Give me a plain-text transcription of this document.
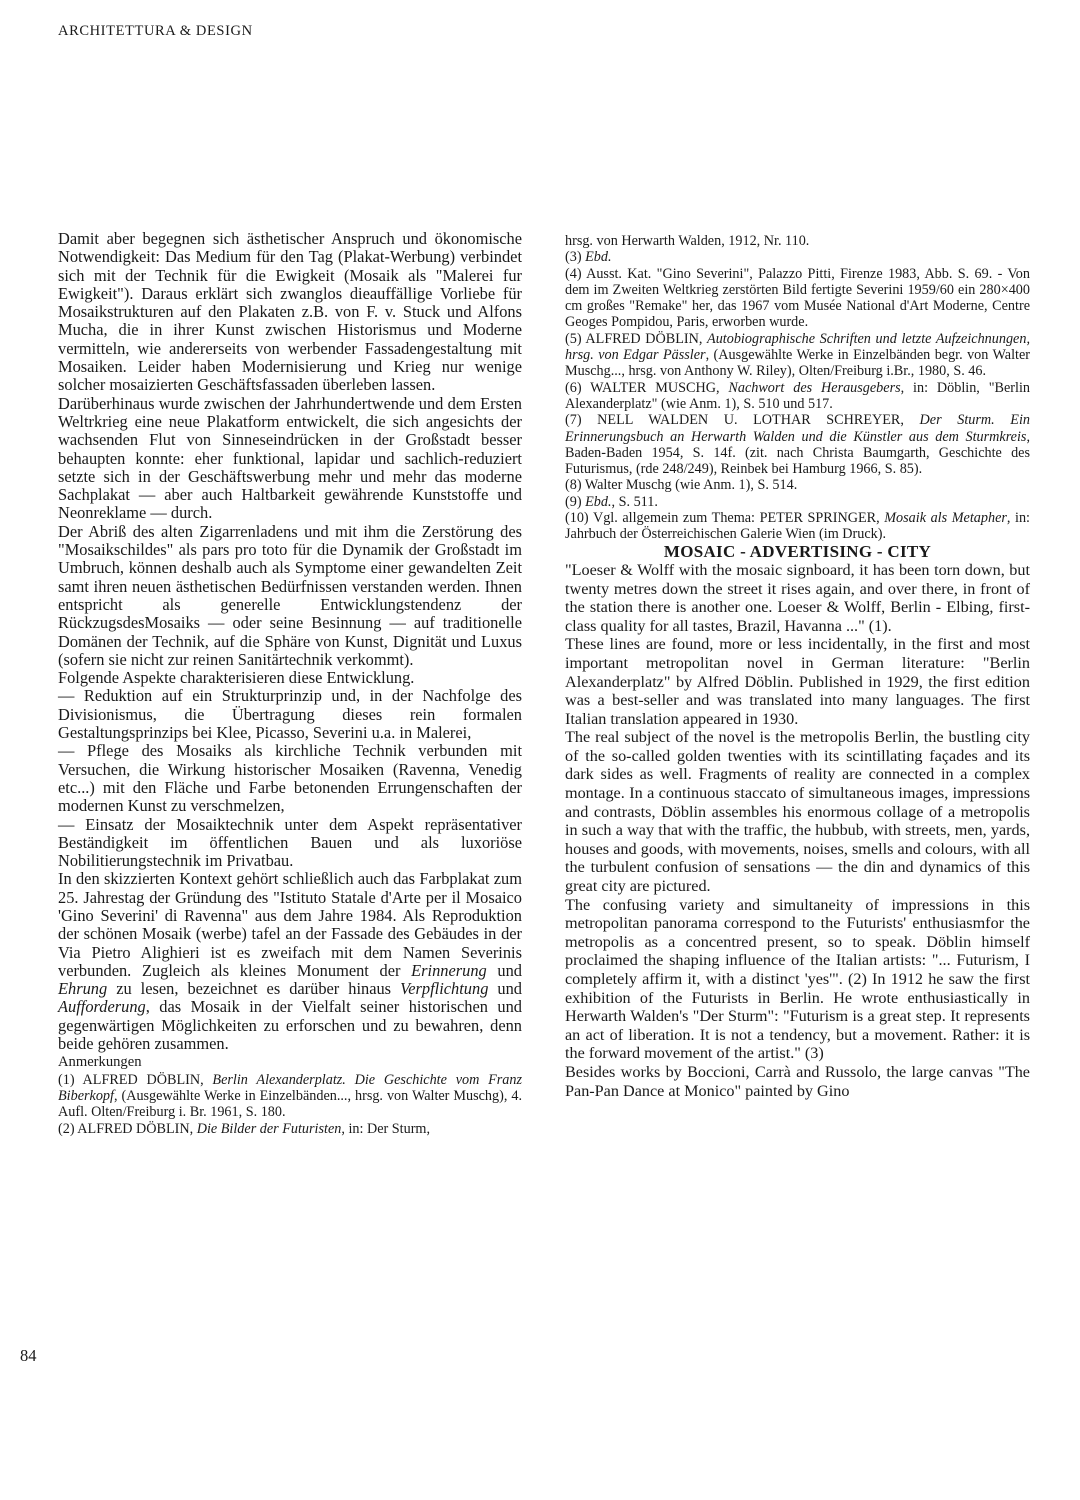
ARCHITETTURA & DESIGN

Damit aber begegnen sich ästhetischer Anspruch und ökonomische Notwendigkeit: Das Medium für den Tag (Plakat-Werbung) verbindet sich mit der Technik für die Ewigkeit (Mosaik als "Malerei fur Ewigkeit"). Daraus erklärt sich zwanglos dieauffällige Vorliebe für Mosaikstrukturen auf den Plakaten z.B. von F. v. Stuck und Alfons Mucha, die in ihrer Kunst zwischen Historismus und Moderne vermitteln, wie andererseits von werbender Fassadengestaltung mit Mosaiken. Leider haben Modernisierung und Krieg nur wenige solcher mosaizierten Geschäftsfassaden überleben lassen.

Darüberhinaus wurde zwischen der Jahrhundertwende und dem Ersten Weltrkrieg eine neue Plakatform entwickelt, die sich angesichts der wachsenden Flut von Sinneseindrücken in der Großstadt besser behaupten konnte: eher funktional, lapidar und sachlich-reduziert setzte sich in der Geschäftswerbung mehr und mehr das moderne Sachplakat — aber auch Haltbarkeit gewährende Kunststoffe und Neonreklame — durch.

Der Abriß des alten Zigarrenladens und mit ihm die Zerstörung des "Mosaikschildes" als pars pro toto für die Dynamik der Großstadt im Umbruch, können deshalb auch als Symptome einer gewandelten Zeit samt ihren neuen ästhetischen Bedürfnissen verstanden werden. Ihnen entspricht als generelle Entwicklungstendenz der RückzugsdesMosaiks — oder seine Besinnung — auf traditionelle Domänen der Technik, auf die Sphäre von Kunst, Dignität und Luxus (sofern sie nicht zur reinen Sanitärtechnik verkommt).

Folgende Aspekte charakterisieren diese Entwicklung.

— Reduktion auf ein Strukturprinzip und, in der Nachfolge des Divisionismus, die Übertragung dieses rein formalen Gestaltungsprinzips bei Klee, Picasso, Severini u.a. in Malerei,

— Pflege des Mosaiks als kirchliche Technik verbunden mit Versuchen, die Wirkung historischer Mosaiken (Ravenna, Venedig etc...) mit den Fläche und Farbe betonenden Errungenschaften der modernen Kunst zu verschmelzen,

— Einsatz der Mosaiktechnik unter dem Aspekt repräsentativer Beständigkeit im öffentlichen Bauen und als luxoriöse Nobilitierungstechnik im Privatbau.

In den skizzierten Kontext gehört schließlich auch das Farbplakat zum 25. Jahrestag der Gründung des "Istituto Statale d'Arte per il Mosaico 'Gino Severini' di Ravenna" aus dem Jahre 1984. Als Reproduktion der schönen Mosaik (werbe) tafel an der Fassade des Gebäudes in der Via Pietro Alighieri ist es zweifach mit dem Namen Severinis verbunden. Zugleich als kleines Monument der Erinnerung und Ehrung zu lesen, bezeichnet es darüber hinaus Verpflichtung und Aufforderung, das Mosaik in der Vielfalt seiner historischen und gegenwärtigen Möglichkeiten zu erforschen und zu bewahren, denn beide gehören zusammen.

Anmerkungen

(1) ALFRED DÖBLIN, Berlin Alexanderplatz. Die Geschichte vom Franz Biberkopf, (Ausgewählte Werke in Einzelbänden..., hrsg. von Walter Muschg), 4. Aufl. Olten/Freiburg i. Br. 1961, S. 180.

(2) ALFRED DÖBLIN, Die Bilder der Futuristen, in: Der Sturm,

hrsg. von Herwarth Walden, 1912, Nr. 110.

(3) Ebd.

(4) Ausst. Kat. "Gino Severini", Palazzo Pitti, Firenze 1983, Abb. S. 69. - Von dem im Zweiten Weltkrieg zerstörten Bild fertigte Severini 1959/60 ein 280×400 cm großes "Remake" her, das 1967 vom Musée National d'Art Moderne, Centre Geoges Pompidou, Paris, erworben wurde.

(5) ALFRED DÖBLIN, Autobiographische Schriften und letzte Aufzeichnungen, hrsg. von Edgar Pässler, (Ausgewählte Werke in Einzelbänden begr. von Walter Muschg..., hrsg. von Anthony W. Riley), Olten/Freiburg i.Br., 1980, S. 46.

(6) WALTER MUSCHG, Nachwort des Herausgebers, in: Döblin, "Berlin Alexanderplatz" (wie Anm. 1), S. 510 und 517.

(7) NELL WALDEN U. LOTHAR SCHREYER, Der Sturm. Ein Erinnerungsbuch an Herwarth Walden und die Künstler aus dem Sturmkreis, Baden-Baden 1954, S. 14f. (zit. nach Christa Baumgarth, Geschichte des Futurismus, (rde 248/249), Reinbek bei Hamburg 1966, S. 85).

(8) Walter Muschg (wie Anm. 1), S. 514.

(9) Ebd., S. 511.

(10) Vgl. allgemein zum Thema: PETER SPRINGER, Mosaik als Metapher, in: Jahrbuch der Österreichischen Galerie Wien (im Druck).

MOSAIC - ADVERTISING - CITY

"Loeser & Wolff with the mosaic signboard, it has been torn down, but twenty metres down the street it rises again, and over there, in front of the station there is another one. Loeser & Wolff, Berlin - Elbing, first-class quality for all tastes, Brazil, Havanna ..." (1).

These lines are found, more or less incidentally, in the first and most important metropolitan novel in German literature: "Berlin Alexanderplatz" by Alfred Döblin. Published in 1929, the first edition was a best-seller and was translated into many languages. The first Italian translation appeared in 1930.

The real subject of the novel is the metropolis Berlin, the bustling city of the so-called golden twenties with its scintillating façades and its dark sides as well. Fragments of reality are connected in a complex montage. In a continuous staccato of simultaneous images, impressions and contrasts, Döblin assembles his enormous collage of a metropolis in such a way that with the traffic, the hubbub, with streets, men, yards, houses and goods, with movements, noises, smells and colours, with all the turbulent confusion of sensations — the din and dynamics of this great city are pictured.

The confusing variety and simultaneity of impressions in this metropolitan panorama correspond to the Futurists' enthusiasmfor the metropolis as a concentred present, so to speak. Döblin himself proclaimed the shaping influence of the Italian artists: "... Futurism, I completely affirm it, with a distinct 'yes'". (2) In 1912 he saw the first exhibition of the Futurists in Berlin. He wrote enthusiastically in Herwarth Walden's "Der Sturm": "Futurism is a great step. It represents an act of liberation. It is not a tendency, but a movement. Rather: it is the forward movement of the artist." (3)

Besides works by Boccioni, Carrà and Russolo, the large canvas "The Pan-Pan Dance at Monico" painted by Gino

84
